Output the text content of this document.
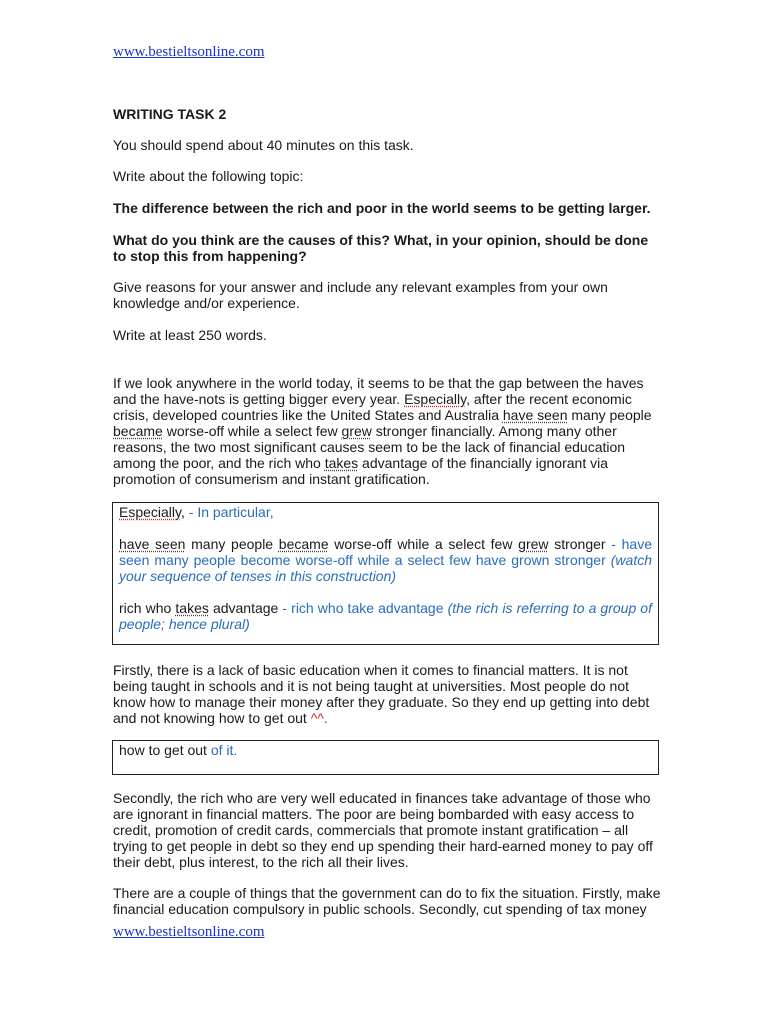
www.bestieltsonline.com

WRITING TASK 2

You should spend about 40 minutes on this task.

Write about the following topic:

The difference between the rich and poor in the world seems to be getting larger.

What do you think are the causes of this? What, in your opinion, should be done
to stop this from happening?
Give reasons for your answer and include any relevant examples from your own
knowledge and/or experience.

Write at least 250 words.

If we look anywhere in the world today, it seems to be that the gap between the haves
and the have-nots is getting bigger every year. Especially, after the recent economic
crisis, developed countries like the United States and Australia have seen many people
became worse-off while a select few grew stronger financially. Among many other
reasons, the two most significant causes seem to be the lack of financial education
among the poor, and the rich who takes advantage of the financially ignorant via
promotion of consumerism and instant gratification.

Especially, - In particular,

have seen many people became worse-off while a select few grew stronger - have seen many people become worse-off while a select few have grown stronger (watch your sequence of tenses in this construction)

rich who takes advantage - rich who take advantage (the rich is referring to a group of people; hence plural)

Firstly, there is a lack of basic education when it comes to financial matters. It is not
being taught in schools and it is not being taught at universities. Most people do not
know how to manage their money after they graduate. So they end up getting into debt
and not knowing how to get out ^^.

how to get out of it.

Secondly, the rich who are very well educated in finances take advantage of those who
are ignorant in financial matters. The poor are being bombarded with easy access to
credit, promotion of credit cards, commercials that promote instant gratification – all
trying to get people in debt so they end up spending their hard-earned money to pay off
their debt, plus interest, to the rich all their lives.
There are a couple of things that the government can do to fix the situation. Firstly, make
financial education compulsory in public schools. Secondly, cut spending of tax money
www.bestieltsonline.com
